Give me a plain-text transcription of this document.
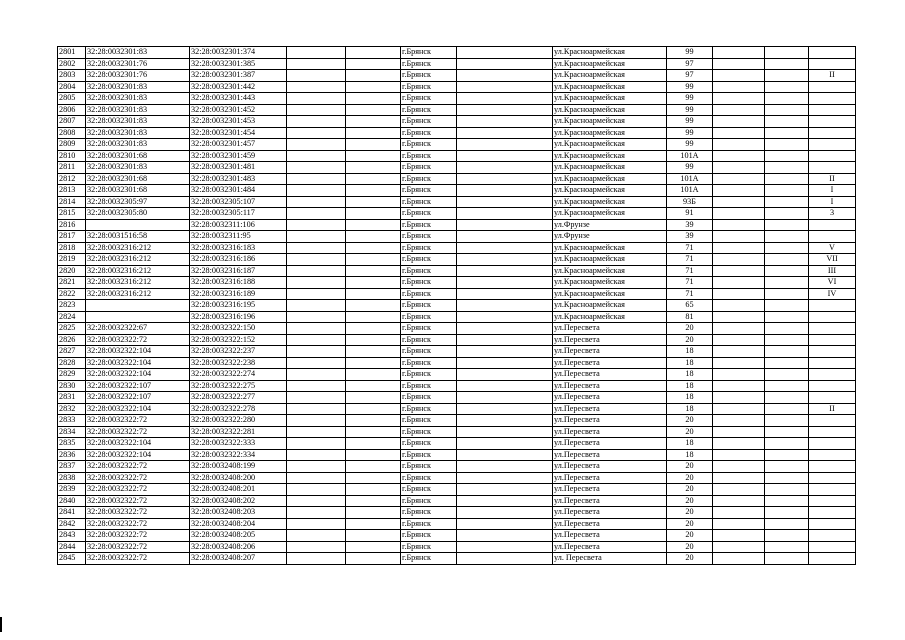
2801	32:28:0032301:83	32:28:0032301:374			г.Брянск		ул.Красноармейская	99			
2802	32:28:0032301:76	32:28:0032301:385			г.Брянск		ул.Красноармейская	97			
2803	32:28:0032301:76	32:28:0032301:387			г.Брянск		ул.Красноармейская	97			II
2804	32:28:0032301:83	32:28:0032301:442			г.Брянск		ул.Красноармейская	99			
2805	32:28:0032301:83	32:28:0032301:443			г.Брянск		ул.Красноармейская	99			
2806	32:28:0032301:83	32:28:0032301:452			г.Брянск		ул.Красноармейская	99			
2807	32:28:0032301:83	32:28:0032301:453			г.Брянск		ул.Красноармейская	99			
2808	32:28:0032301:83	32:28:0032301:454			г.Брянск		ул.Красноармейская	99			
2809	32:28:0032301:83	32:28:0032301:457			г.Брянск		ул.Красноармейская	99			
2810	32:28:0032301:68	32:28:0032301:459			г.Брянск		ул.Красноармейская	101А			
2811	32:28:0032301:83	32:28:0032301:481			г.Брянск		ул.Красноармейская	99			
2812	32:28:0032301:68	32:28:0032301:483			г.Брянск		ул.Красноармейская	101А			II
2813	32:28:0032301:68	32:28:0032301:484			г.Брянск		ул.Красноармейская	101А			I
2814	32:28:0032305:97	32:28:0032305:107			г.Брянск		ул.Красноармейская	93Б			I
2815	32:28:0032305:80	32:28:0032305:117			г.Брянск		ул.Красноармейская	91			3
2816		32:28:0032311:106			г.Брянск		ул.Фрунзе	39			
2817	32:28:0031516:58	32:28:0032311:95			г.Брянск		ул.Фрунзе	39			
2818	32:28:0032316:212	32:28:0032316:183			г.Брянск		ул.Красноармейская	71			V
2819	32:28:0032316:212	32:28:0032316:186			г.Брянск		ул.Красноармейская	71			VII
2820	32:28:0032316:212	32:28:0032316:187			г.Брянск		ул.Красноармейская	71			III
2821	32:28:0032316:212	32:28:0032316:188			г.Брянск		ул.Красноармейская	71			VI
2822	32:28:0032316:212	32:28:0032316:189			г.Брянск		ул.Красноармейская	71			IV
2823		32:28:0032316:195			г.Брянск		ул.Красноармейская	65			
2824		32:28:0032316:196			г.Брянск		ул.Красноармейская	81			
2825	32:28:0032322:67	32:28:0032322:150			г.Брянск		ул.Пересвета	20			
2826	32:28:0032322:72	32:28:0032322:152			г.Брянск		ул.Пересвета	20			
2827	32:28:0032322:104	32:28:0032322:237			г.Брянск		ул.Пересвета	18			
2828	32:28:0032322:104	32:28:0032322:238			г.Брянск		ул.Пересвета	18			
2829	32:28:0032322:104	32:28:0032322:274			г.Брянск		ул.Пересвета	18			
2830	32:28:0032322:107	32:28:0032322:275			г.Брянск		ул.Пересвета	18			
2831	32:28:0032322:107	32:28:0032322:277			г.Брянск		ул.Пересвета	18			
2832	32:28:0032322:104	32:28:0032322:278			г.Брянск		ул.Пересвета	18			II
2833	32:28:0032322:72	32:28:0032322:280			г.Брянск		ул.Пересвета	20			
2834	32:28:0032322:72	32:28:0032322:281			г.Брянск		ул.Пересвета	20			
2835	32:28:0032322:104	32:28:0032322:333			г.Брянск		ул.Пересвета	18			
2836	32:28:0032322:104	32:28:0032322:334			г.Брянск		ул.Пересвета	18			
2837	32:28:0032322:72	32:28:0032408:199			г.Брянск		ул.Пересвета	20			
2838	32:28:0032322:72	32:28:0032408:200			г.Брянск		ул.Пересвета	20			
2839	32:28:0032322:72	32:28:0032408:201			г.Брянск		ул.Пересвета	20			
2840	32:28:0032322:72	32:28:0032408:202			г.Брянск		ул.Пересвета	20			
2841	32:28:0032322:72	32:28:0032408:203			г.Брянск		ул.Пересвета	20			
2842	32:28:0032322:72	32:28:0032408:204			г.Брянск		ул.Пересвета	20			
2843	32:28:0032322:72	32:28:0032408:205			г.Брянск		ул.Пересвета	20			
2844	32:28:0032322:72	32:28:0032408:206			г.Брянск		ул.Пересвета	20			
2845	32:28:0032322:72	32:28:0032408:207			г.Брянск		ул. Пересвета	20			
